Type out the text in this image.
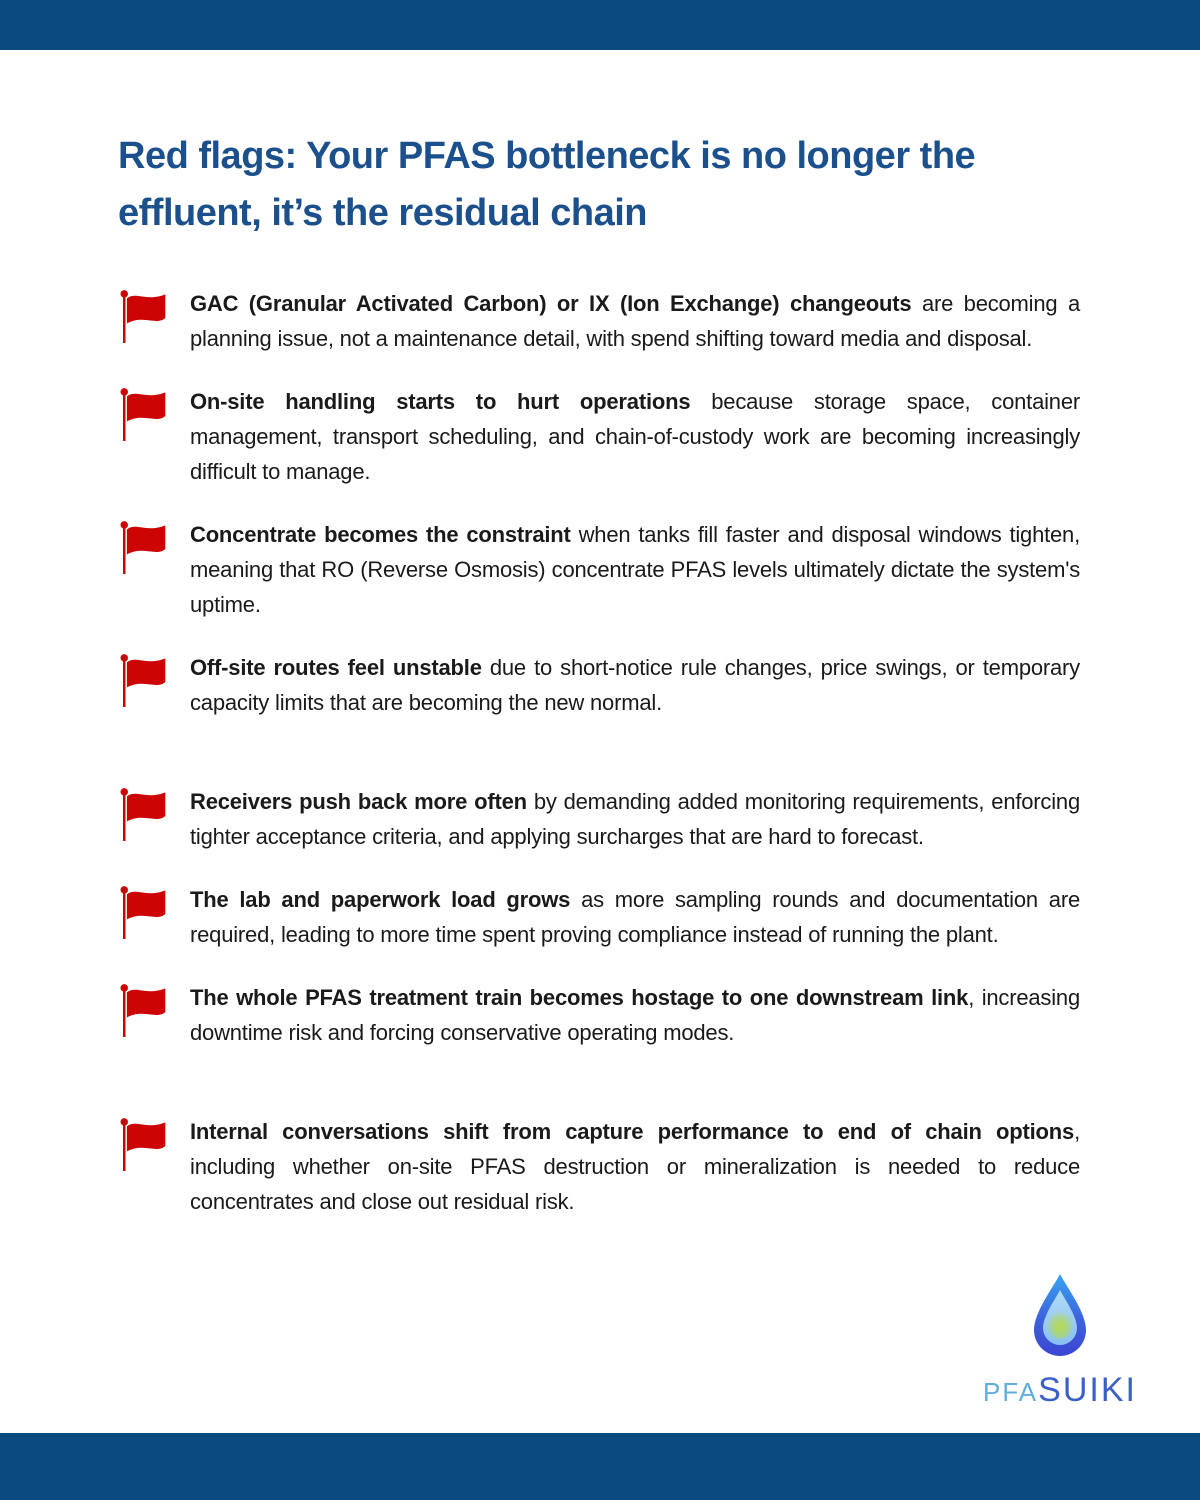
Red flags: Your PFAS bottleneck is no longer the
effluent, it’s the residual chain

GAC (Granular Activated Carbon) or IX (Ion Exchange) changeouts are becoming a planning issue, not a maintenance detail, with spend shifting toward media and disposal.

On-site handling starts to hurt operations because storage space, container management, transport scheduling, and chain-of-custody work are becoming increasingly difficult to manage.

Concentrate becomes the constraint when tanks fill faster and disposal windows tighten, meaning that RO (Reverse Osmosis) concentrate PFAS levels ultimately dictate the system's uptime.

Off-site routes feel unstable due to short-notice rule changes, price swings, or temporary capacity limits that are becoming the new normal.

Receivers push back more often by demanding added monitoring requirements, enforcing tighter acceptance criteria, and applying surcharges that are hard to forecast.

The lab and paperwork load grows as more sampling rounds and documentation are required, leading to more time spent proving compliance instead of running the plant.

The whole PFAS treatment train becomes hostage to one downstream link, increasing downtime risk and forcing conservative operating modes.

Internal conversations shift from capture performance to end of chain options, including whether on-site PFAS destruction or mineralization is needed to reduce concentrates and close out residual risk.

PFASUIKI
